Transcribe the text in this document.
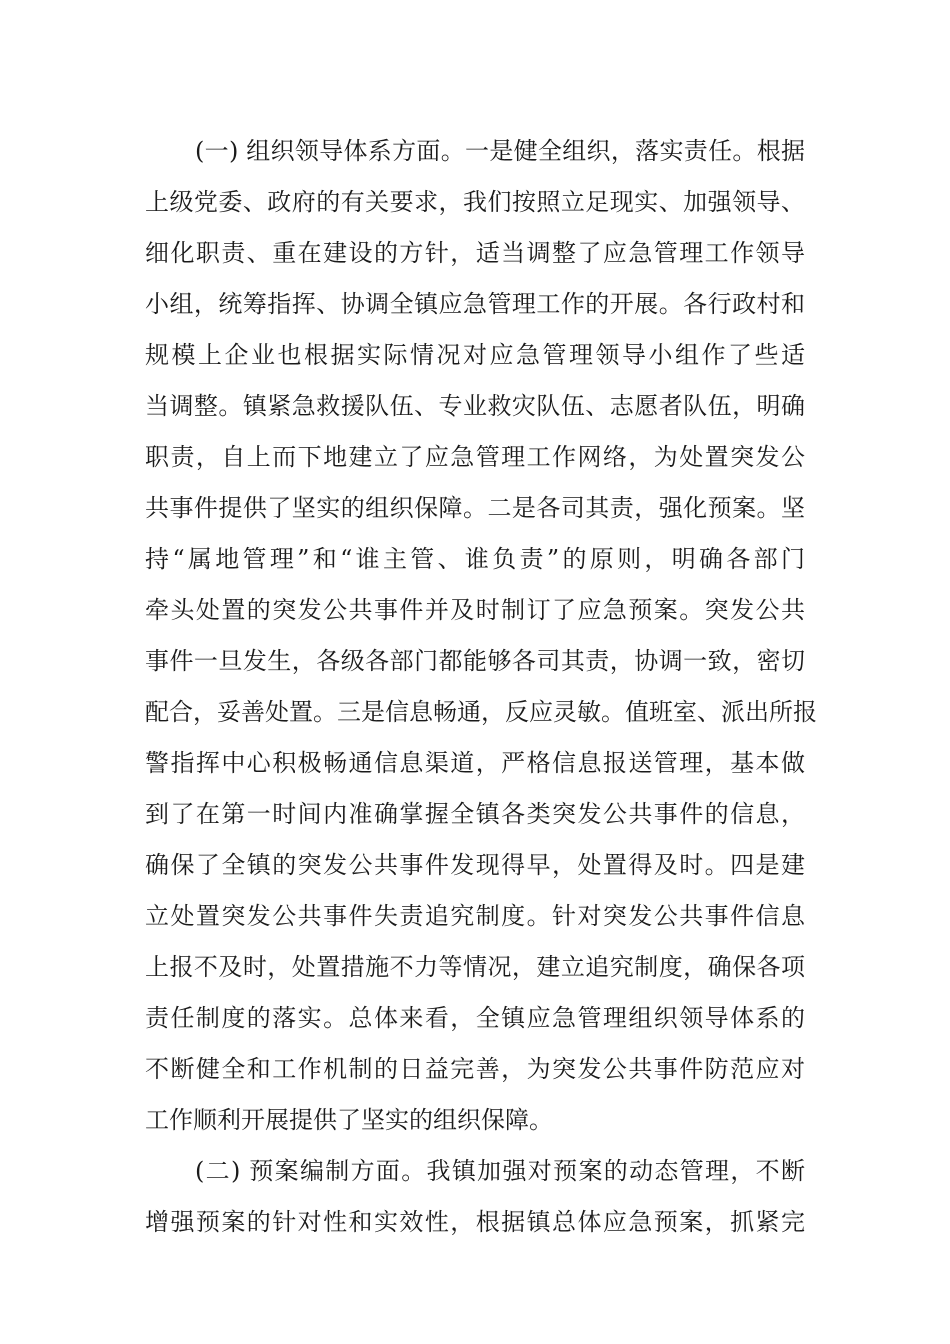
(一) 组织领导体系方面。一是健全组织，落实责任。根据
上级党委、政府的有关要求，我们按照立足现实、加强领导、
细化职责、重在建设的方针，适当调整了应急管理工作领导
小组，统筹指挥、协调全镇应急管理工作的开展。各行政村和
规模上企业也根据实际情况对应急管理领导小组作了些适
当调整。镇紧急救援队伍、专业救灾队伍、志愿者队伍，明确
职责，自上而下地建立了应急管理工作网络，为处置突发公
共事件提供了坚实的组织保障。二是各司其责，强化预案。坚
持“属地管理”和“谁主管、谁负责”的原则，明确各部门
牵头处置的突发公共事件并及时制订了应急预案。突发公共
事件一旦发生，各级各部门都能够各司其责，协调一致，密切
配合，妥善处置。三是信息畅通，反应灵敏。值班室、派出所报
警指挥中心积极畅通信息渠道，严格信息报送管理，基本做
到了在第一时间内准确掌握全镇各类突发公共事件的信息，
确保了全镇的突发公共事件发现得早，处置得及时。四是建
立处置突发公共事件失责追究制度。针对突发公共事件信息
上报不及时，处置措施不力等情况，建立追究制度，确保各项
责任制度的落实。总体来看，全镇应急管理组织领导体系的
不断健全和工作机制的日益完善，为突发公共事件防范应对
工作顺利开展提供了坚实的组织保障。
(二) 预案编制方面。我镇加强对预案的动态管理，不断
增强预案的针对性和实效性，根据镇总体应急预案，抓紧完
